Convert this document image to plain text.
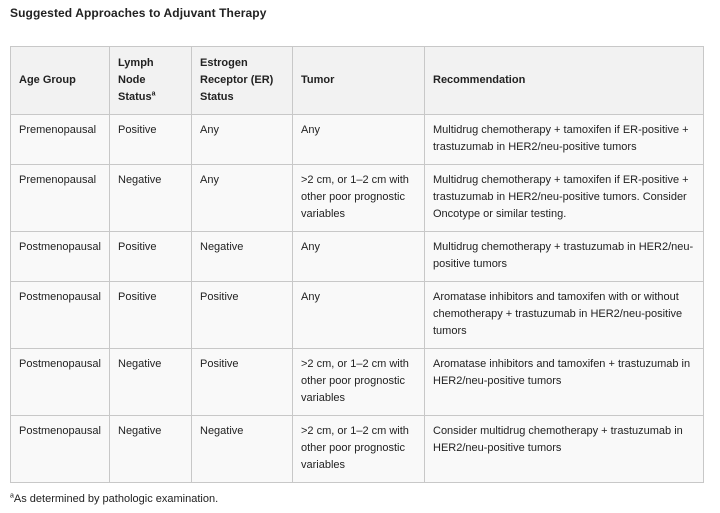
Suggested Approaches to Adjuvant Therapy
Age Group	Lymph Node Status$^a$	Estrogen Receptor (ER) Status	Tumor	Recommendation
Premenopausal	Positive	Any	Any	Multidrug chemotherapy + tamoxifen if ER-positive + trastuzumab in HER2/neu-positive tumors
Premenopausal	Negative	Any	>2 cm, or 1–2 cm with other poor prognostic variables	Multidrug chemotherapy + tamoxifen if ER-positive + trastuzumab in HER2/neu-positive tumors. Consider Oncotype or similar testing.
Postmenopausal	Positive	Negative	Any	Multidrug chemotherapy + trastuzumab in HER2/neu-positive tumors
Postmenopausal	Positive	Positive	Any	Aromatase inhibitors and tamoxifen with or without chemotherapy + trastuzumab in HER2/neu-positive tumors
Postmenopausal	Negative	Positive	>2 cm, or 1–2 cm with other poor prognostic variables	Aromatase inhibitors and tamoxifen + trastuzumab in HER2/neu-positive tumors
Postmenopausal	Negative	Negative	>2 cm, or 1–2 cm with other poor prognostic variables	Consider multidrug chemotherapy + trastuzumab in HER2/neu-positive tumors
$^a$As determined by pathologic examination.
